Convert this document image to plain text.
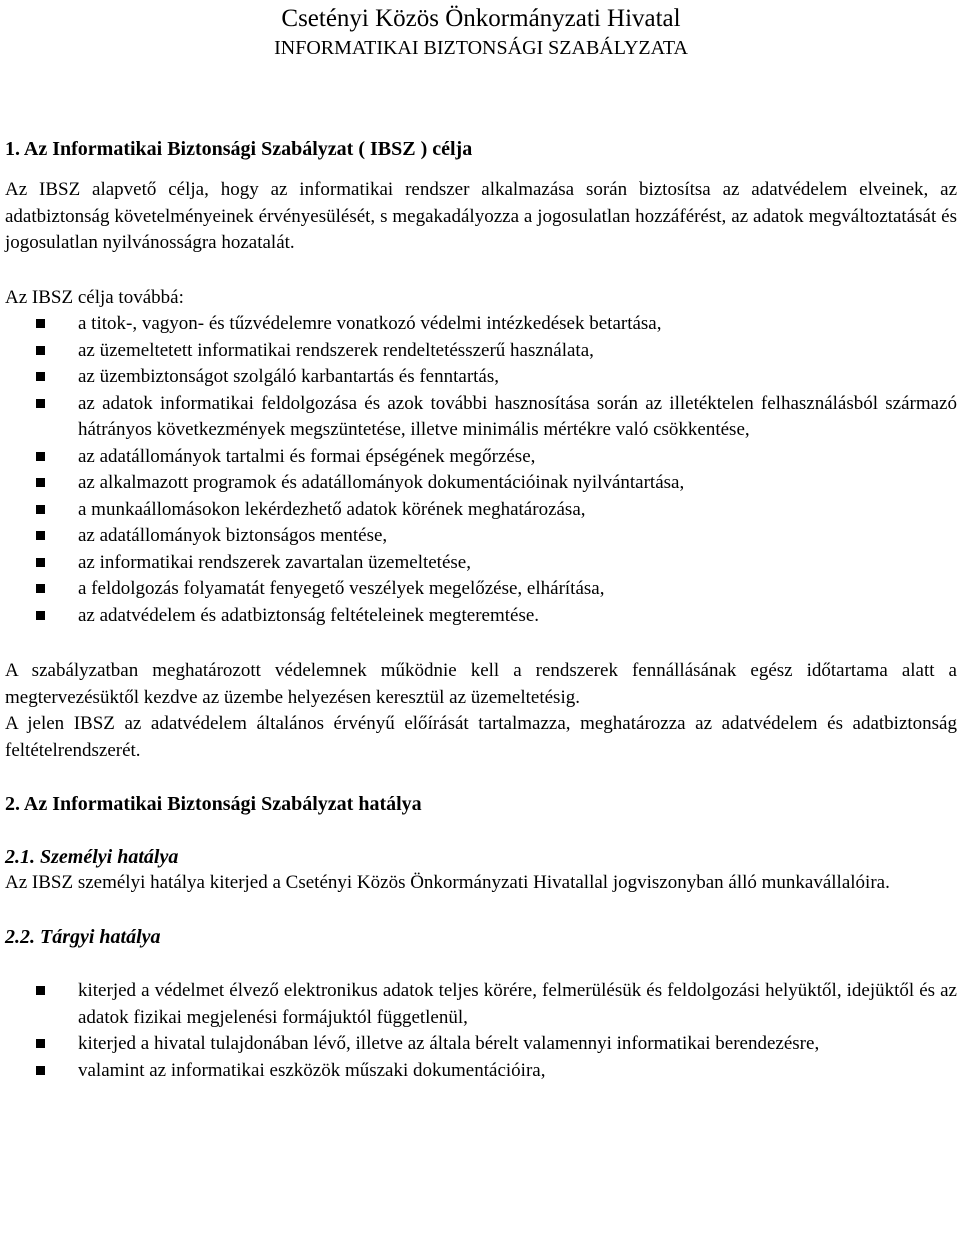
Csetényi Közös Önkormányzati Hivatal
INFORMATIKAI BIZTONSÁGI SZABÁLYZATA
1. Az Informatikai Biztonsági Szabályzat ( IBSZ ) célja

Az IBSZ alapvető célja, hogy az informatikai rendszer alkalmazása során biztosítsa az adatvédelem elveinek, az adatbiztonság követelményeinek érvényesülését, s megakadályozza a jogosulatlan hozzáférést, az adatok megváltoztatását és jogosulatlan nyilvánosságra hozatalát.

Az IBSZ célja továbbá:

a titok-, vagyon- és tűzvédelemre vonatkozó védelmi intézkedések betartása,
az üzemeltetett informatikai rendszerek rendeltetésszerű használata,
az üzembiztonságot szolgáló karbantartás és fenntartás,
az adatok informatikai feldolgozása és azok további hasznosítása során az illetéktelen felhasználásból származó hátrányos következmények megszüntetése, illetve minimális mértékre való csökkentése,
az adatállományok tartalmi és formai épségének megőrzése,
az alkalmazott programok és adatállományok dokumentációinak nyilvántartása,
a munkaállomásokon lekérdezhető adatok körének meghatározása,
az adatállományok biztonságos mentése,
az informatikai rendszerek zavartalan üzemeltetése,
a feldolgozás folyamatát fenyegető veszélyek megelőzése, elhárítása,
az adatvédelem és adatbiztonság feltételeinek megteremtése.

A szabályzatban meghatározott védelemnek működnie kell a rendszerek fennállásának egész időtartama alatt a megtervezésüktől kezdve az üzembe helyezésen keresztül az üzemeltetésig.

A jelen IBSZ az adatvédelem általános érvényű előírását tartalmazza, meghatározza az adatvédelem és adatbiztonság feltételrendszerét.

2. Az Informatikai Biztonsági Szabályzat hatálya
2.1. Személyi hatálya

Az IBSZ személyi hatálya kiterjed a Csetényi Közös Önkormányzati Hivatallal jogviszonyban álló munkavállalóira.

2.2. Tárgyi hatálya
kiterjed a védelmet élvező elektronikus adatok teljes körére, felmerülésük és feldolgozási helyüktől, idejüktől és az adatok fizikai megjelenési formájuktól függetlenül,
kiterjed a hivatal tulajdonában lévő, illetve az általa bérelt valamennyi informatikai berendezésre,
valamint az informatikai eszközök műszaki dokumentációira,
